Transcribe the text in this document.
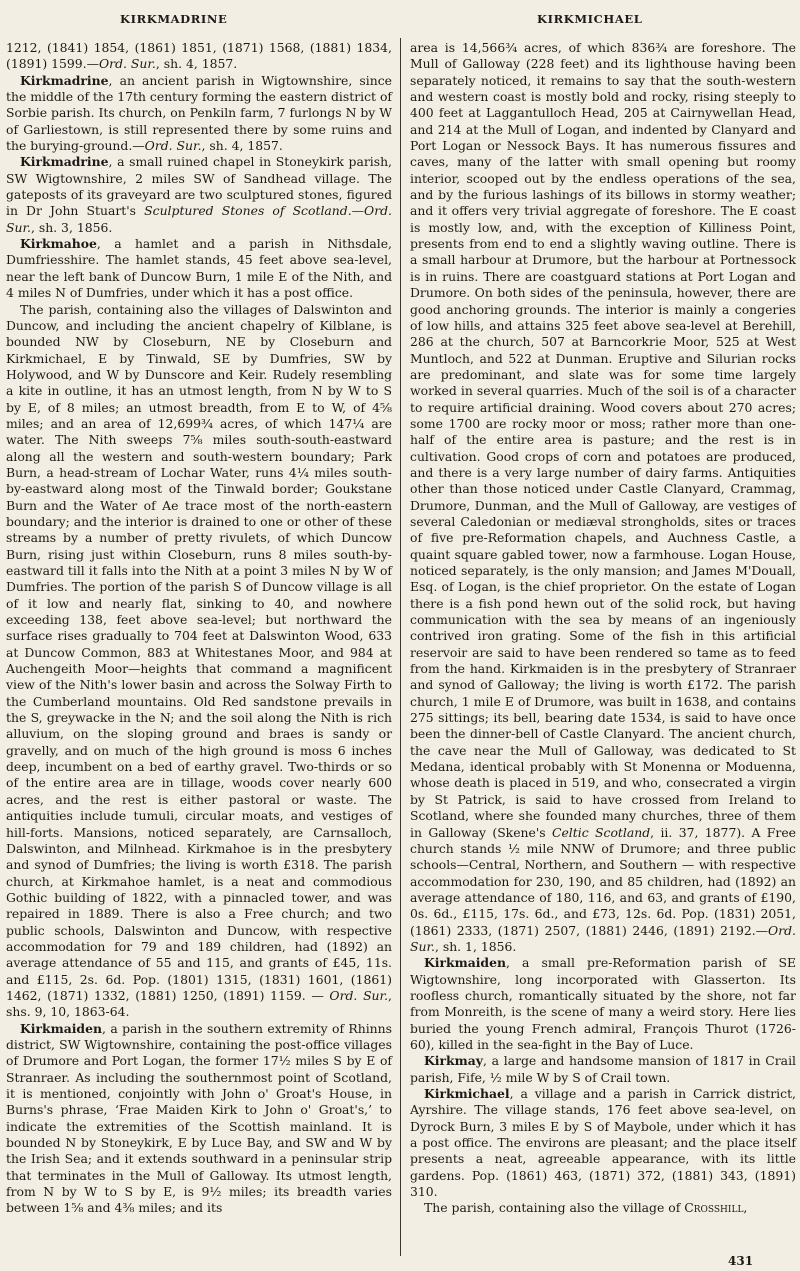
KIRKMADRINE	KIRKMICHAEL

1212, (1841) 1854, (1861) 1851, (1871) 1568, (1881) 1834, (1891) 1599.—Ord. Sur., sh. 4, 1857.

Kirkmadrine, an ancient parish in Wigtownshire, since the middle of the 17th century forming the eastern district of Sorbie parish. Its church, on Penkiln farm, 7 furlongs N by W of Garliestown, is still represented there by some ruins and the burying-ground.—Ord. Sur., sh. 4, 1857.

Kirkmadrine, a small ruined chapel in Stoneykirk parish, SW Wigtownshire, 2 miles SW of Sandhead village. The gateposts of its graveyard are two sculptured stones, figured in Dr John Stuart's Sculptured Stones of Scotland.—Ord. Sur., sh. 3, 1856.

Kirkmahoe, a hamlet and a parish in Nithsdale, Dumfriesshire. The hamlet stands, 45 feet above sea-level, near the left bank of Duncow Burn, 1 mile E of the Nith, and 4 miles N of Dumfries, under which it has a post office.

The parish, containing also the villages of Dalswinton and Duncow, and including the ancient chapelry of Kilblane, is bounded NW by Closeburn, NE by Closeburn and Kirkmichael, E by Tinwald, SE by Dumfries, SW by Holywood, and W by Dunscore and Keir. Rudely resembling a kite in outline, it has an utmost length, from N by W to S by E, of 8 miles; an utmost breadth, from E to W, of 4⅝ miles; and an area of 12,699¾ acres, of which 147¼ are water. The Nith sweeps 7⅝ miles south-south-eastward along all the western and south-western boundary; Park Burn, a head-stream of Lochar Water, runs 4¼ miles south-by-eastward along most of the Tinwald border; Goukstane Burn and the Water of Ae trace most of the north-eastern boundary; and the interior is drained to one or other of these streams by a number of pretty rivulets, of which Duncow Burn, rising just within Closeburn, runs 8 miles south-by-eastward till it falls into the Nith at a point 3 miles N by W of Dumfries. The portion of the parish S of Duncow village is all of it low and nearly flat, sinking to 40, and nowhere exceeding 138, feet above sea-level; but northward the surface rises gradually to 704 feet at Dalswinton Wood, 633 at Duncow Common, 883 at Whitestanes Moor, and 984 at Auchengeith Moor—heights that command a magnificent view of the Nith's lower basin and across the Solway Firth to the Cumberland mountains. Old Red sandstone prevails in the S, greywacke in the N; and the soil along the Nith is rich alluvium, on the sloping ground and braes is sandy or gravelly, and on much of the high ground is moss 6 inches deep, incumbent on a bed of earthy gravel. Two-thirds or so of the entire area are in tillage, woods cover nearly 600 acres, and the rest is either pastoral or waste. The antiquities include tumuli, circular moats, and vestiges of hill-forts. Mansions, noticed separately, are Carnsalloch, Dalswinton, and Milnhead. Kirkmahoe is in the presbytery and synod of Dumfries; the living is worth £318. The parish church, at Kirkmahoe hamlet, is a neat and commodious Gothic building of 1822, with a pinnacled tower, and was repaired in 1889. There is also a Free church; and two public schools, Dalswinton and Duncow, with respective accommodation for 79 and 189 children, had (1892) an average attendance of 55 and 115, and grants of £45, 11s. and £115, 2s. 6d. Pop. (1801) 1315, (1831) 1601, (1861) 1462, (1871) 1332, (1881) 1250, (1891) 1159. — Ord. Sur., shs. 9, 10, 1863-64.

Kirkmaiden, a parish in the southern extremity of Rhinns district, SW Wigtownshire, containing the post-office villages of Drumore and Port Logan, the former 17½ miles S by E of Stranraer. As including the southernmost point of Scotland, it is mentioned, conjointly with John o' Groat's House, in Burns's phrase, ‘Frae Maiden Kirk to John o' Groat's,’ to indicate the extremities of the Scottish mainland. It is bounded N by Stoneykirk, E by Luce Bay, and SW and W by the Irish Sea; and it extends southward in a peninsular strip that terminates in the Mull of Galloway. Its utmost length, from N by W to S by E, is 9½ miles; its breadth varies between 1⅝ and 4⅜ miles; and its

area is 14,566¾ acres, of which 836¾ are foreshore. The Mull of Galloway (228 feet) and its lighthouse having been separately noticed, it remains to say that the south-western and western coast is mostly bold and rocky, rising steeply to 400 feet at Laggantulloch Head, 205 at Cairnywellan Head, and 214 at the Mull of Logan, and indented by Clanyard and Port Logan or Nessock Bays. It has numerous fissures and caves, many of the latter with small opening but roomy interior, scooped out by the endless operations of the sea, and by the furious lashings of its billows in stormy weather; and it offers very trivial aggregate of foreshore. The E coast is mostly low, and, with the exception of Killiness Point, presents from end to end a slightly waving outline. There is a small harbour at Drumore, but the harbour at Portnessock is in ruins. There are coastguard stations at Port Logan and Drumore. On both sides of the peninsula, however, there are good anchoring grounds. The interior is mainly a congeries of low hills, and attains 325 feet above sea-level at Berehill, 286 at the church, 507 at Barncorkrie Moor, 525 at West Muntloch, and 522 at Dunman. Eruptive and Silurian rocks are predominant, and slate was for some time largely worked in several quarries. Much of the soil is of a character to require artificial draining. Wood covers about 270 acres; some 1700 are rocky moor or moss; rather more than one-half of the entire area is pasture; and the rest is in cultivation. Good crops of corn and potatoes are produced, and there is a very large number of dairy farms. Antiquities other than those noticed under Castle Clanyard, Crammag, Drumore, Dunman, and the Mull of Galloway, are vestiges of several Caledonian or mediæval strongholds, sites or traces of five pre-Reformation chapels, and Auchness Castle, a quaint square gabled tower, now a farmhouse. Logan House, noticed separately, is the only mansion; and James M'Douall, Esq. of Logan, is the chief proprietor. On the estate of Logan there is a fish pond hewn out of the solid rock, but having communication with the sea by means of an ingeniously contrived iron grating. Some of the fish in this artificial reservoir are said to have been rendered so tame as to feed from the hand. Kirkmaiden is in the presbytery of Stranraer and synod of Galloway; the living is worth £172. The parish church, 1 mile E of Drumore, was built in 1638, and contains 275 sittings; its bell, bearing date 1534, is said to have once been the dinner-bell of Castle Clanyard. The ancient church, the cave near the Mull of Galloway, was dedicated to St Medana, identical probably with St Monenna or Moduenna, whose death is placed in 519, and who, consecrated a virgin by St Patrick, is said to have crossed from Ireland to Scotland, where she founded many churches, three of them in Galloway (Skene's Celtic Scotland, ii. 37, 1877). A Free church stands ½ mile NNW of Drumore; and three public schools—Central, Northern, and Southern — with respective accommodation for 230, 190, and 85 children, had (1892) an average attendance of 180, 116, and 63, and grants of £190, 0s. 6d., £115, 17s. 6d., and £73, 12s. 6d. Pop. (1831) 2051, (1861) 2333, (1871) 2507, (1881) 2446, (1891) 2192.—Ord. Sur., sh. 1, 1856.

Kirkmaiden, a small pre-Reformation parish of SE Wigtownshire, long incorporated with Glasserton. Its roofless church, romantically situated by the shore, not far from Monreith, is the scene of many a weird story. Here lies buried the young French admiral, François Thurot (1726-60), killed in the sea-fight in the Bay of Luce.

Kirkmay, a large and handsome mansion of 1817 in Crail parish, Fife, ½ mile W by S of Crail town.

Kirkmichael, a village and a parish in Carrick district, Ayrshire. The village stands, 176 feet above sea-level, on Dyrock Burn, 3 miles E by S of Maybole, under which it has a post office. The environs are pleasant; and the place itself presents a neat, agreeable appearance, with its little gardens. Pop. (1861) 463, (1871) 372, (1881) 343, (1891) 310.

The parish, containing also the village of Crosshill,

431
